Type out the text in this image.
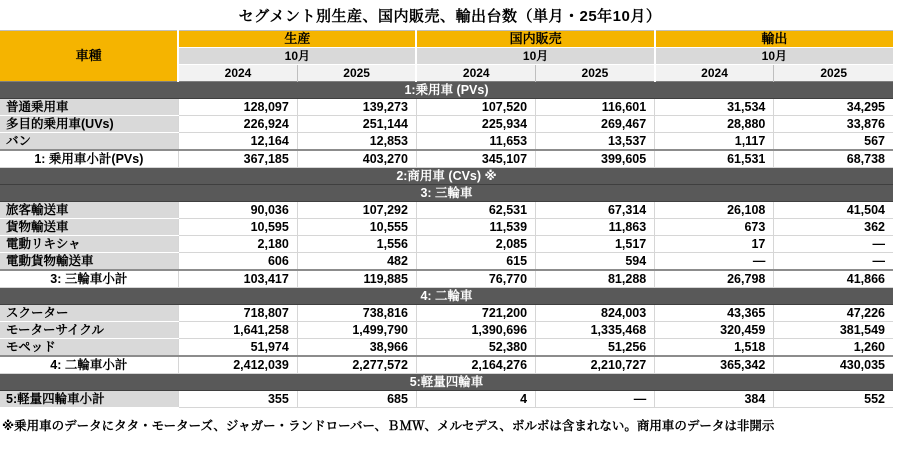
セグメント別生産、国内販売、輸出台数（単月・25年10月）
車種	生産		国内販売		輸出	
	10月		10月		10月	
	2024	2025	2024	2025	2024	2025
1:乗用車 (PVs)						
普通乗用車	128,097	139,273	107,520	116,601	31,534	34,295
多目的乗用車(UVs)	226,924	251,144	225,934	269,467	28,880	33,876
バン	12,164	12,853	11,653	13,537	1,117	567
1: 乗用車小計(PVs)	367,185	403,270	345,107	399,605	61,531	68,738
2:商用車 (CVs) ※						
3: 三輪車						
旅客輸送車	90,036	107,292	62,531	67,314	26,108	41,504
貨物輸送車	10,595	10,555	11,539	11,863	673	362
電動リキシャ	2,180	1,556	2,085	1,517	17	—
電動貨物輸送車	606	482	615	594	—	—
3: 三輪車小計	103,417	119,885	76,770	81,288	26,798	41,866
4: 二輪車						
スクーター	718,807	738,816	721,200	824,003	43,365	47,226
モーターサイクル	1,641,258	1,499,790	1,390,696	1,335,468	320,459	381,549
モペッド	51,974	38,966	52,380	51,256	1,518	1,260
4: 二輪車小計	2,412,039	2,277,572	2,164,276	2,210,727	365,342	430,035
5:軽量四輪車						
5:軽量四輪車小計	355	685	4	—	384	552
※乗用車のデータにタタ・モーターズ、ジャガー・ランドローバー、ＢＭＷ、メルセデス、ボルボは含まれない。商用車のデータは非開示
